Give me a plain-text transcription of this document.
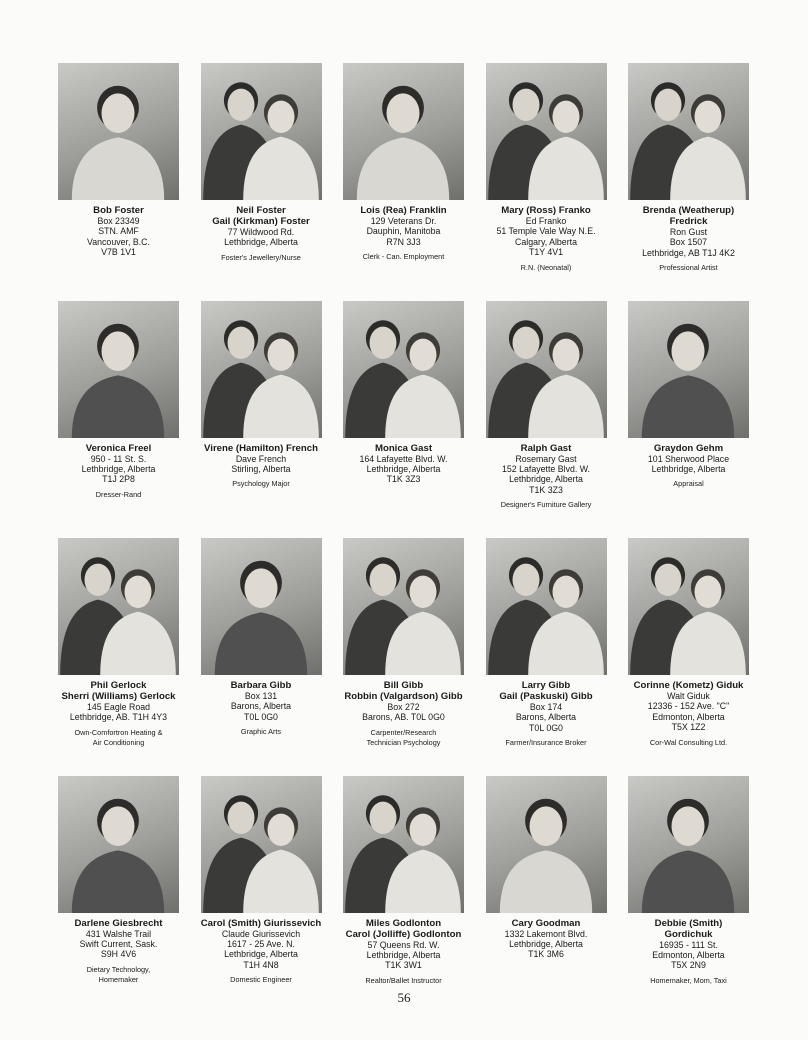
Bob Foster
Box 23349
STN. AMF
Vancouver, B.C.
V7B 1V1
Neil Foster
Gail (Kirkman) Foster
77 Wildwood Rd.
Lethbridge, Alberta
Foster's Jewellery/Nurse
Lois (Rea) Franklin
129 Veterans Dr.
Dauphin, Manitoba
R7N 3J3
Clerk - Can. Employment
Mary (Ross) Franko
Ed Franko
51 Temple Vale Way N.E.
Calgary, Alberta
T1Y 4V1
R.N. (Neonatal)
Brenda (Weatherup)
Fredrick
Ron Gust
Box 1507
Lethbridge, AB T1J 4K2
Professional Artist
Veronica Freel
950 - 11 St. S.
Lethbridge, Alberta
T1J 2P8
Dresser-Rand
Virene (Hamilton) French
Dave French
Stirling, Alberta
Psychology Major
Monica Gast
164 Lafayette Blvd. W.
Lethbridge, Alberta
T1K 3Z3
Ralph Gast
Rosemary Gast
152 Lafayette Blvd. W.
Lethbridge, Alberta
T1K 3Z3
Designer's Furniture Gallery
Graydon Gehm
101 Sherwood Place
Lethbridge, Alberta
Appraisal
Phil Gerlock
Sherri (Williams) Gerlock
145 Eagle Road
Lethbridge, AB. T1H 4Y3
Own-Comfortron Heating &
Air Conditioning
Barbara Gibb
Box 131
Barons, Alberta
T0L 0G0
Graphic Arts
Bill Gibb
Robbin (Valgardson) Gibb
Box 272
Barons, AB. T0L 0G0
Carpenter/Research
Technician Psychology
Larry Gibb
Gail (Paskuski) Gibb
Box 174
Barons, Alberta
T0L 0G0
Farmer/Insurance Broker
Corinne (Kometz) Giduk
Walt Giduk
12336 - 152 Ave. "C"
Edmonton, Alberta
T5X 1Z2
Cor-Wal Consulting Ltd.
Darlene Giesbrecht
431 Walshe Trail
Swift Current, Sask.
S9H 4V6
Dietary Technology,
Homemaker
Carol (Smith) Giurissevich
Claude Giurissevich
1617 - 25 Ave. N.
Lethbridge, Alberta
T1H 4N8
Domestic Engineer
Miles Godlonton
Carol (Jolliffe) Godlonton
57 Queens Rd. W.
Lethbridge, Alberta
T1K 3W1
Realtor/Ballet Instructor
Cary Goodman
1332 Lakemont Blvd.
Lethbridge, Alberta
T1K 3M6
Debbie (Smith)
Gordichuk
16935 - 111 St.
Edmonton, Alberta
T5X 2N9
Homemaker, Mom, Taxi
56
